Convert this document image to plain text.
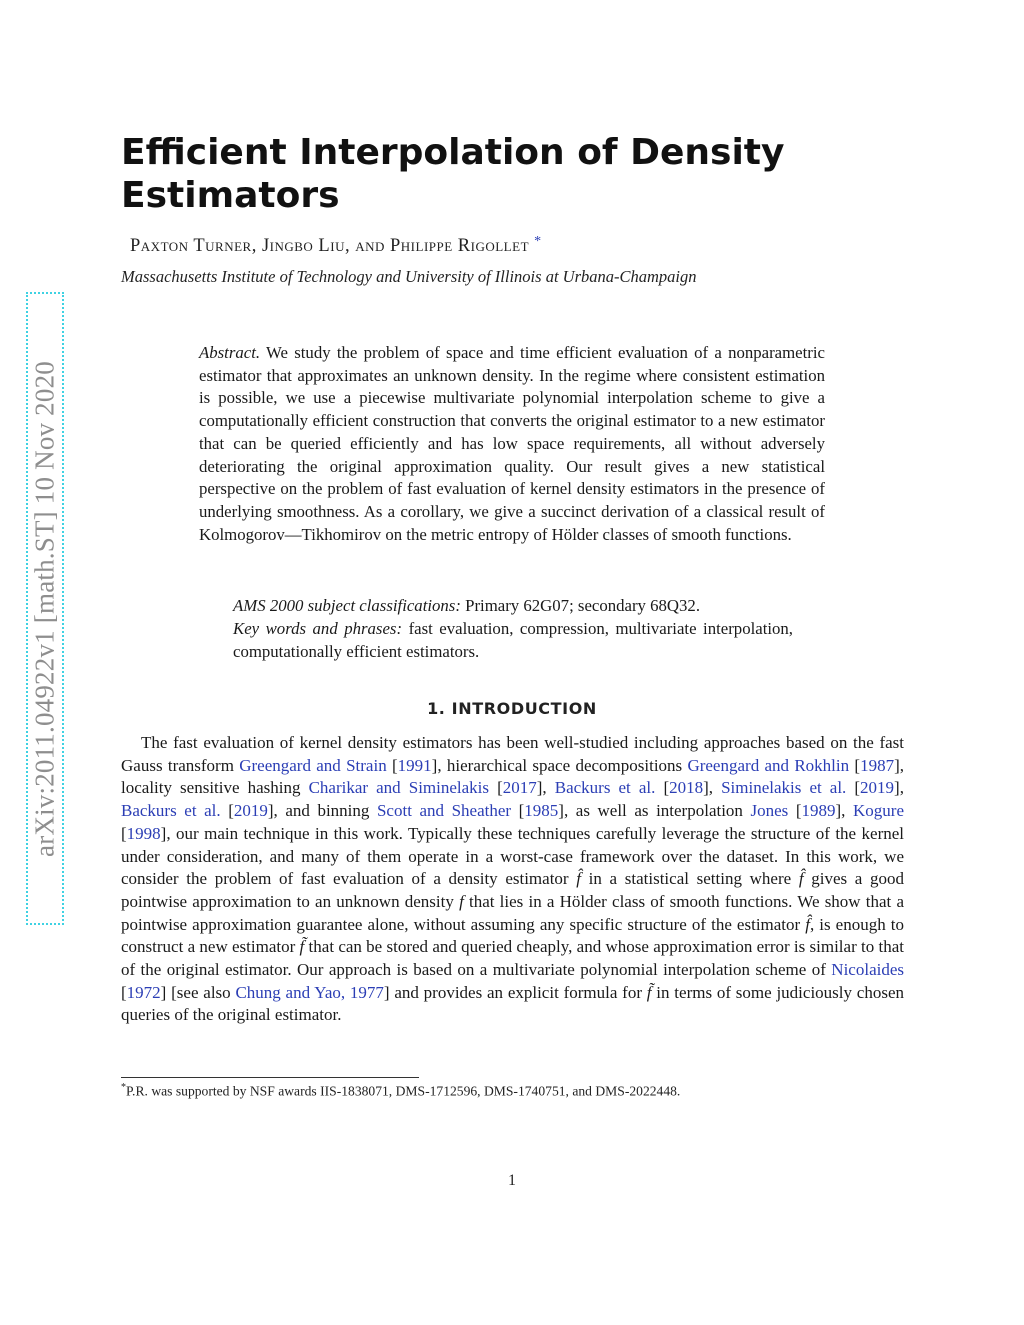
arXiv:2011.04922v1 [math.ST] 10 Nov 2020
Efficient Interpolation of Density Estimators

Paxton Turner, Jingbo Liu, and Philippe Rigollet *

Massachusetts Institute of Technology and University of Illinois at Urbana-Champaign

Abstract. We study the problem of space and time efficient evaluation of a nonparametric estimator that approximates an unknown density. In the regime where consistent estimation is possible, we use a piecewise multivariate polynomial interpolation scheme to give a computationally efficient construction that converts the original estimator to a new estimator that can be queried efficiently and has low space requirements, all without adversely deteriorating the original approximation quality. Our result gives a new statistical perspective on the problem of fast evaluation of kernel density estimators in the presence of underlying smoothness. As a corollary, we give a succinct derivation of a classical result of Kolmogorov—Tikhomirov on the metric entropy of Hölder classes of smooth functions.

AMS 2000 subject classifications: Primary 62G07; secondary 68Q32.

Key words and phrases: fast evaluation, compression, multivariate interpolation, computationally efficient estimators.

1. INTRODUCTION

The fast evaluation of kernel density estimators has been well-studied including approaches based on the fast Gauss transform Greengard and Strain [1991], hierarchical space decompositions Greengard and Rokhlin [1987], locality sensitive hashing Charikar and Siminelakis [2017], Backurs et al. [2018], Siminelakis et al. [2019], Backurs et al. [2019], and binning Scott and Sheather [1985], as well as interpolation Jones [1989], Kogure [1998], our main technique in this work. Typically these techniques carefully leverage the structure of the kernel under consideration, and many of them operate in a worst-case framework over the dataset. In this work, we consider the problem of fast evaluation of a density estimator f̂ in a statistical setting where f̂ gives a good pointwise approximation to an unknown density f that lies in a Hölder class of smooth functions. We show that a pointwise approximation guarantee alone, without assuming any specific structure of the estimator f̂, is enough to construct a new estimator f̃ that can be stored and queried cheaply, and whose approximation error is similar to that of the original estimator. Our approach is based on a multivariate polynomial interpolation scheme of Nicolaides [1972] [see also Chung and Yao, 1977] and provides an explicit formula for f̃ in terms of some judiciously chosen queries of the original estimator.

*P.R. was supported by NSF awards IIS-1838071, DMS-1712596, DMS-1740751, and DMS-2022448.

1
